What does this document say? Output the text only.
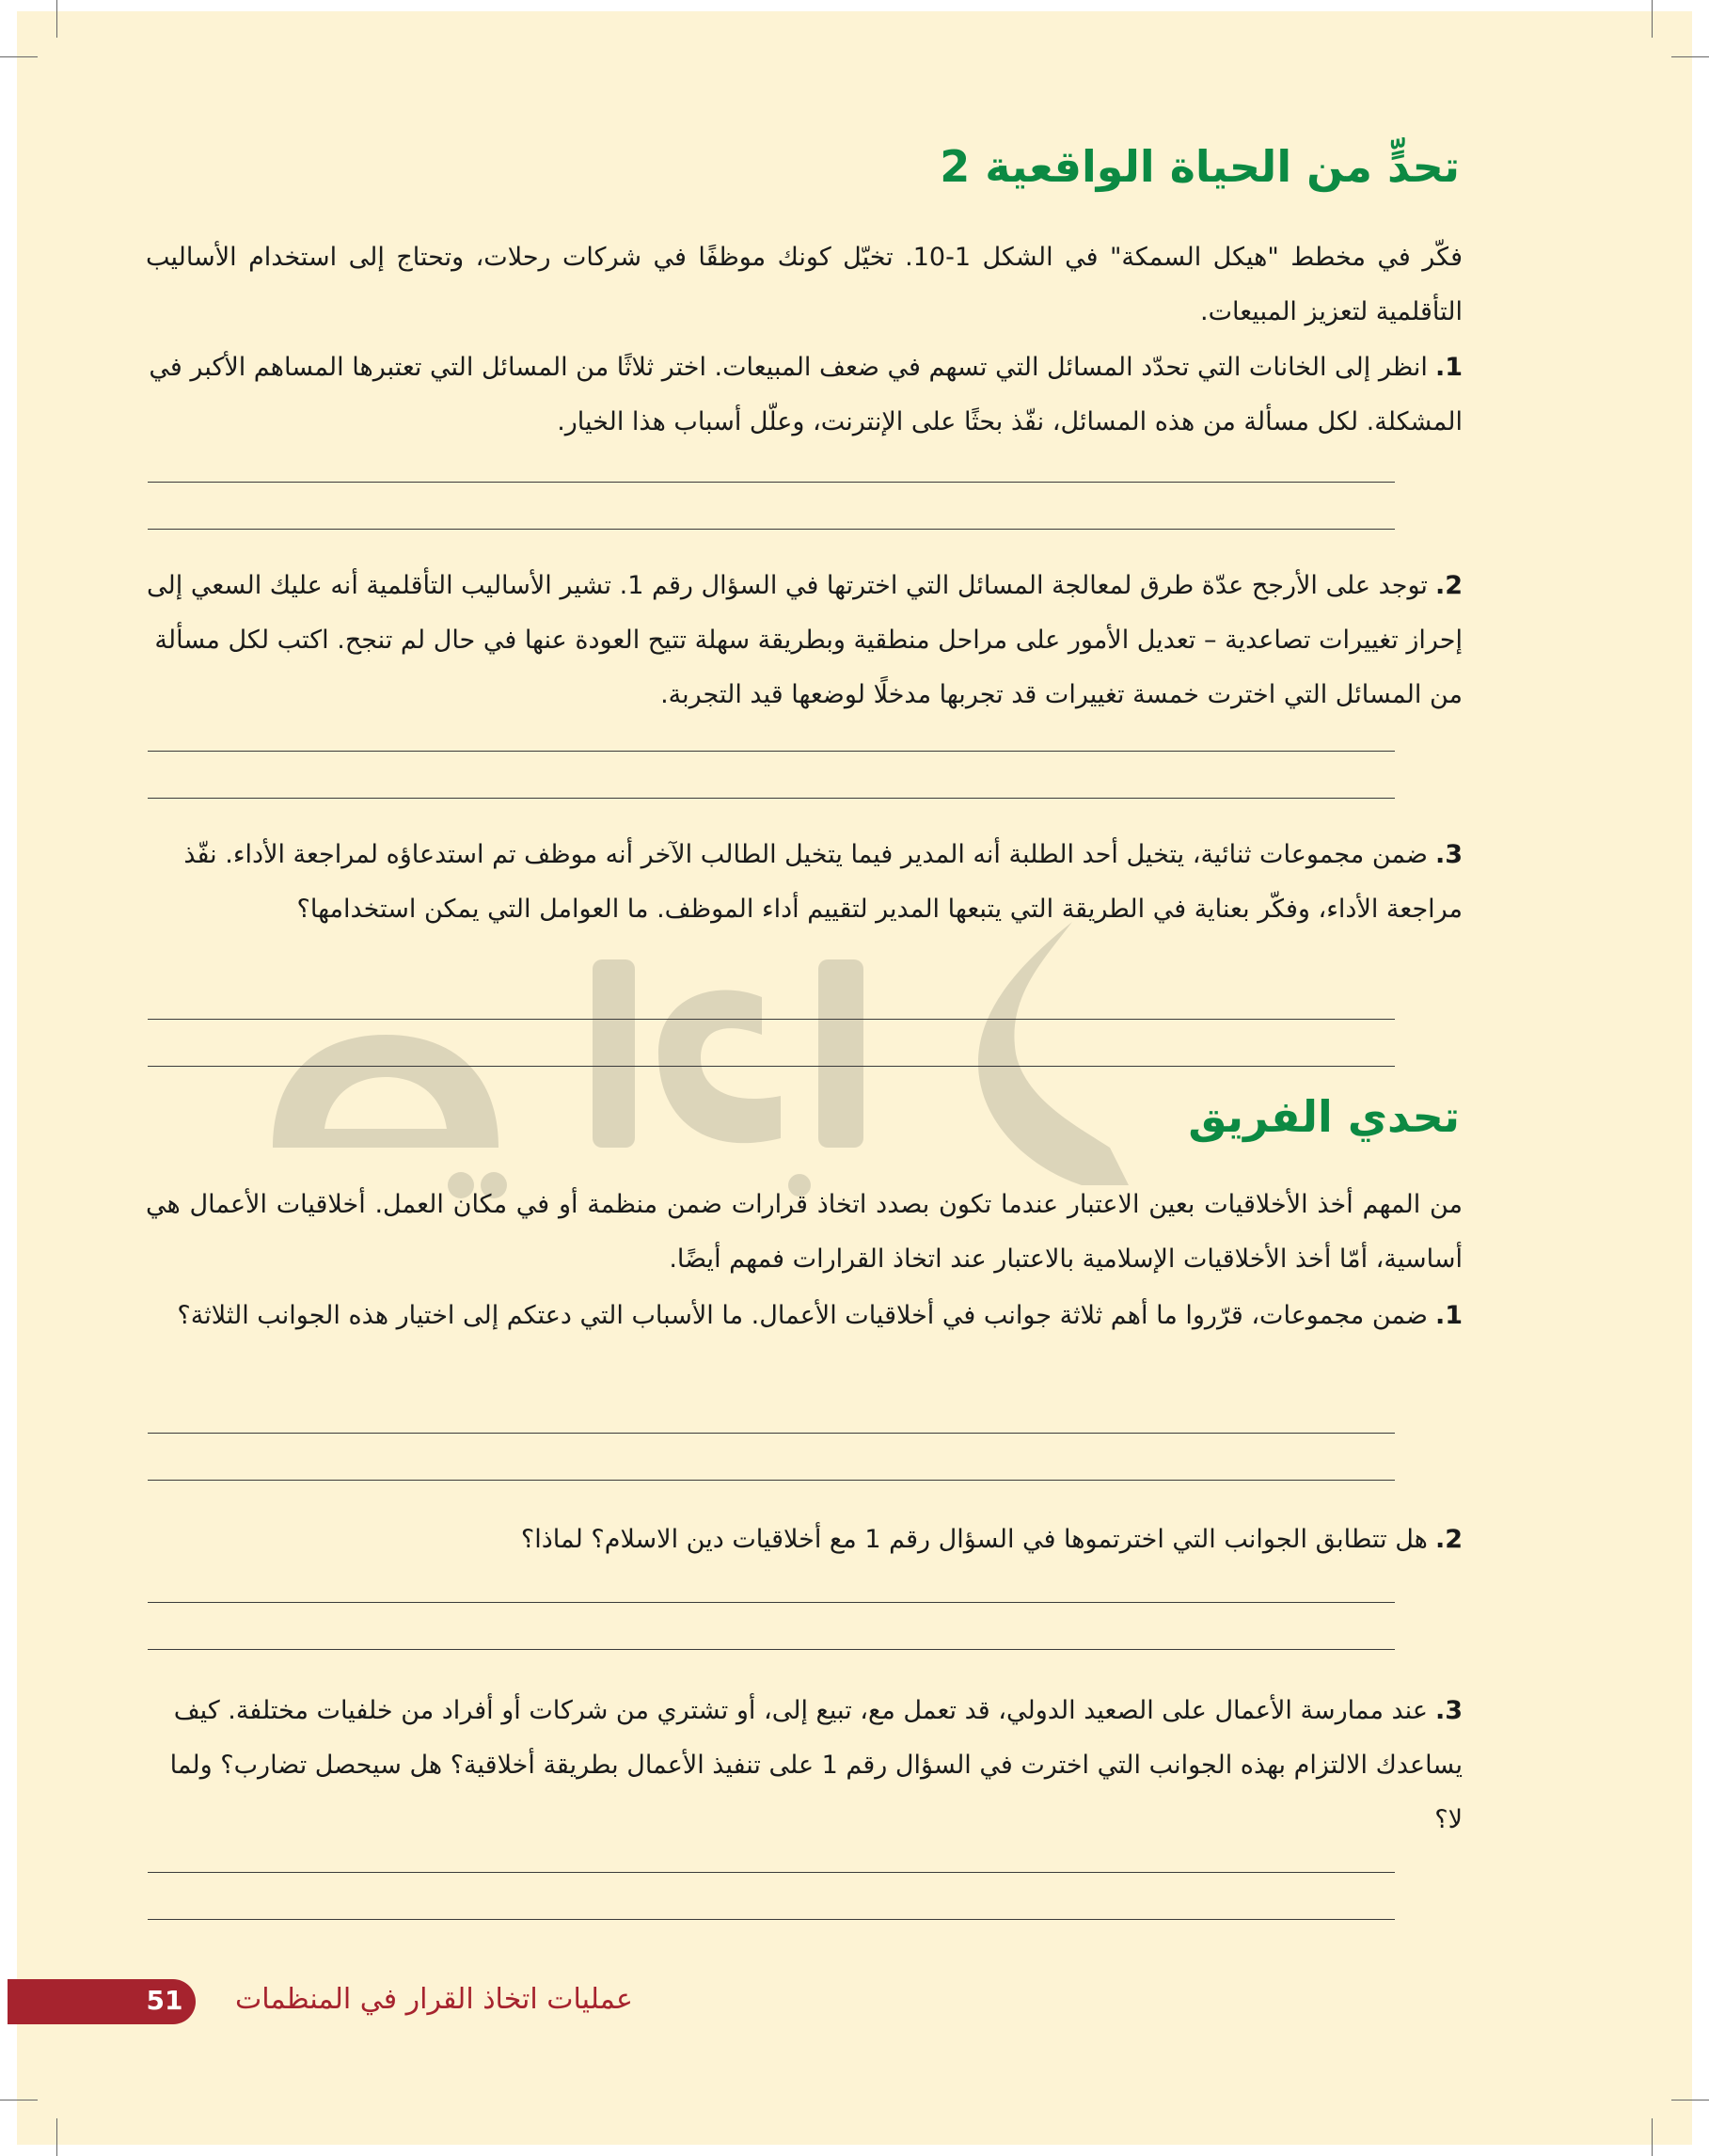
تحدٍّ من الحياة الواقعية 2
فكّر في مخطط "هيكل السمكة" في الشكل 1-10. تخيّل كونك موظفًا في شركات رحلات، وتحتاج إلى استخدام الأساليب التأقلمية لتعزيز المبيعات.
1.انظر إلى الخانات التي تحدّد المسائل التي تسهم في ضعف المبيعات. اختر ثلاثًا من المسائل التي تعتبرها المساهم الأكبر في المشكلة. لكل مسألة من هذه المسائل، نفّذ بحثًا على الإنترنت، وعلّل أسباب هذا الخيار.
2.توجد على الأرجح عدّة طرق لمعالجة المسائل التي اخترتها في السؤال رقم 1. تشير الأساليب التأقلمية أنه عليك السعي إلى إحراز تغييرات تصاعدية – تعديل الأمور على مراحل منطقية وبطريقة سهلة تتيح العودة عنها في حال لم تنجح. اكتب لكل مسألة من المسائل التي اخترت خمسة تغييرات قد تجربها مدخلًا لوضعها قيد التجربة.
3.ضمن مجموعات ثنائية، يتخيل أحد الطلبة أنه المدير فيما يتخيل الطالب الآخر أنه موظف تم استدعاؤه لمراجعة الأداء. نفّذ مراجعة الأداء، وفكّر بعناية في الطريقة التي يتبعها المدير لتقييم أداء الموظف. ما العوامل التي يمكن استخدامها؟
تحدي الفريق
من المهم أخذ الأخلاقيات بعين الاعتبار عندما تكون بصدد اتخاذ قرارات ضمن منظمة أو في مكان العمل. أخلاقيات الأعمال هي أساسية، أمّا أخذ الأخلاقيات الإسلامية بالاعتبار عند اتخاذ القرارات فمهم أيضًا.
1.ضمن مجموعات، قرّروا ما أهم ثلاثة جوانب في أخلاقيات الأعمال. ما الأسباب التي دعتكم إلى اختيار هذه الجوانب الثلاثة؟
2.هل تتطابق الجوانب التي اخترتموها في السؤال رقم 1 مع أخلاقيات دين الاسلام؟ لماذا؟
3.عند ممارسة الأعمال على الصعيد الدولي، قد تعمل مع، تبيع إلى، أو تشتري من شركات أو أفراد من خلفيات مختلفة. كيف يساعدك الالتزام بهذه الجوانب التي اخترت في السؤال رقم 1 على تنفيذ الأعمال بطريقة أخلاقية؟ هل سيحصل تضارب؟ ولما لا؟
51	عمليات اتخاذ القرار في المنظمات
